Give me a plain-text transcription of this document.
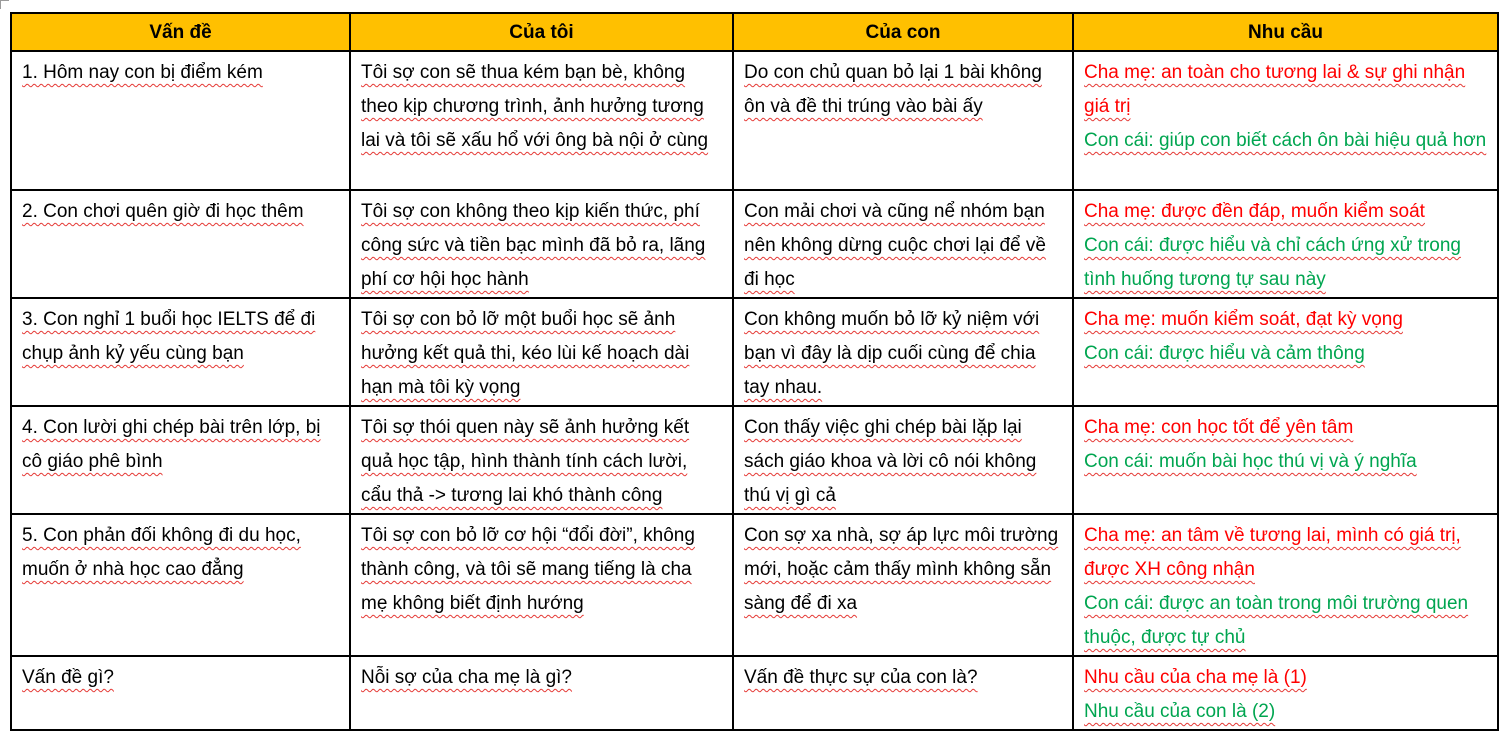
Vấn đề	Của tôi	Của con	Nhu cầu

1. Hôm nay con bị điểm kém	Tôi sợ con sẽ thua kém bạn bè, không theo kịp chương trình, ảnh hưởng tương lai và tôi sẽ xấu hổ với ông bà nội ở cùng	Do con chủ quan bỏ lại 1 bài không ôn và đề thi trúng vào bài ấy	Cha mẹ: an toàn cho tương lai & sự ghi nhận giá trị
Con cái: giúp con biết cách ôn bài hiệu quả hơn

2. Con chơi quên giờ đi học thêm	Tôi sợ con không theo kịp kiến thức, phí công sức và tiền bạc mình đã bỏ ra, lãng phí cơ hội học hành	Con mải chơi và cũng nể nhóm bạn nên không dừng cuộc chơi lại để về đi học	Cha mẹ: được đền đáp, muốn kiểm soát
Con cái: được hiểu và chỉ cách ứng xử trong tình huống tương tự sau này

3. Con nghỉ 1 buổi học IELTS để đi chụp ảnh kỷ yếu cùng bạn	Tôi sợ con bỏ lỡ một buổi học sẽ ảnh hưởng kết quả thi, kéo lùi kế hoạch dài hạn mà tôi kỳ vọng	Con không muốn bỏ lỡ kỷ niệm với bạn vì đây là dịp cuối cùng để chia tay nhau.	Cha mẹ: muốn kiểm soát, đạt kỳ vọng
Con cái: được hiểu và cảm thông

4. Con lười ghi chép bài trên lớp, bị cô giáo phê bình	Tôi sợ thói quen này sẽ ảnh hưởng kết quả học tập, hình thành tính cách lười, cẩu thả -> tương lai khó thành công	Con thấy việc ghi chép bài lặp lại sách giáo khoa và lời cô nói không thú vị gì cả	Cha mẹ: con học tốt để yên tâm
Con cái: muốn bài học thú vị và ý nghĩa

5. Con phản đối không đi du học, muốn ở nhà học cao đẳng	Tôi sợ con bỏ lỡ cơ hội “đổi đời”, không thành công, và tôi sẽ mang tiếng là cha mẹ không biết định hướng	Con sợ xa nhà, sợ áp lực môi trường mới, hoặc cảm thấy mình không sẵn sàng để đi xa	Cha mẹ: an tâm về tương lai, mình có giá trị, được XH công nhận
Con cái: được an toàn trong môi trường quen thuộc, được tự chủ

Vấn đề gì?	Nỗi sợ của cha mẹ là gì?	Vấn đề thực sự của con là?	Nhu cầu của cha mẹ là (1)
Nhu cầu của con là (2)
